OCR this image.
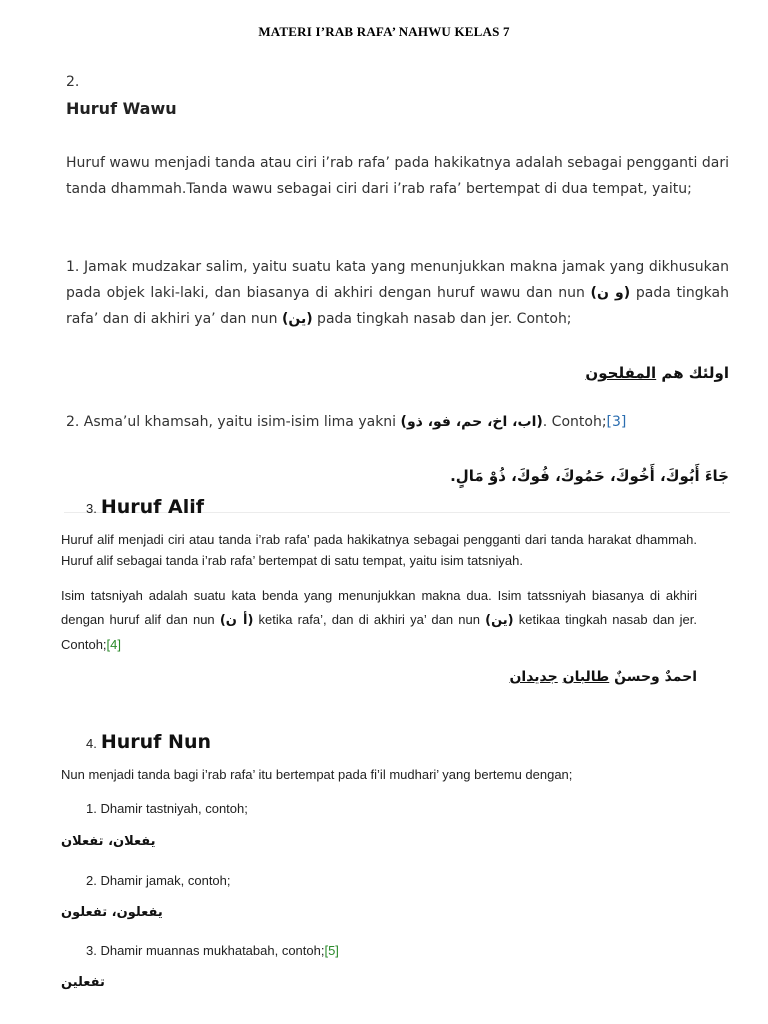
MATERI I’RAB RAFA’ NAHWU KELAS 7
2.
Huruf Wawu
Huruf wawu menjadi tanda atau ciri i’rab rafa’ pada hakikatnya adalah sebagai pengganti dari tanda dhammah.Tanda wawu sebagai ciri dari i’rab rafa’ bertempat di dua tempat, yaitu;
1. Jamak mudzakar salim, yaitu suatu kata yang menunjukkan makna jamak yang dikhusukan pada objek laki-laki, dan biasanya di akhiri dengan huruf wawu dan nun (و ن) pada tingkah rafa’ dan di akhiri ya’ dan nun (ين) pada tingkah nasab dan jer. Contoh;
اولئك هم المفلحون
2. Asma’ul khamsah, yaitu isim-isim lima yakni (اب، اخ، حم، فو، ذو). Contoh;[3]
جَاءَ أَبُوكَ، أَخُوكَ، حَمُوكَ، فُوكَ، ذُوْ مَالٍ.
3. Huruf Alif
Huruf alif menjadi ciri atau tanda i’rab rafa’ pada hakikatnya sebagai pengganti dari tanda harakat dhammah. Huruf alif sebagai tanda i’rab rafa’ bertempat di satu tempat, yaitu isim tatsniyah.
Isim tatsniyah adalah suatu kata benda yang menunjukkan makna dua. Isim tatssniyah biasanya di akhiri dengan huruf alif dan nun (أ ن) ketika rafa’, dan di akhiri ya’ dan nun (ين) ketikaa tingkah nasab dan jer. Contoh;[4]
احمدٌ وحسنٌ طالبان جديدان
4. Huruf Nun
Nun menjadi tanda bagi i’rab rafa’ itu bertempat pada fi’il mudhari’ yang bertemu dengan;
1. Dhamir tastniyah, contoh;
يفعلان، تفعلان
2. Dhamir jamak, contoh;
يفعلون، تفعلون
3. Dhamir muannas mukhatabah, contoh;[5]
تفعلين
